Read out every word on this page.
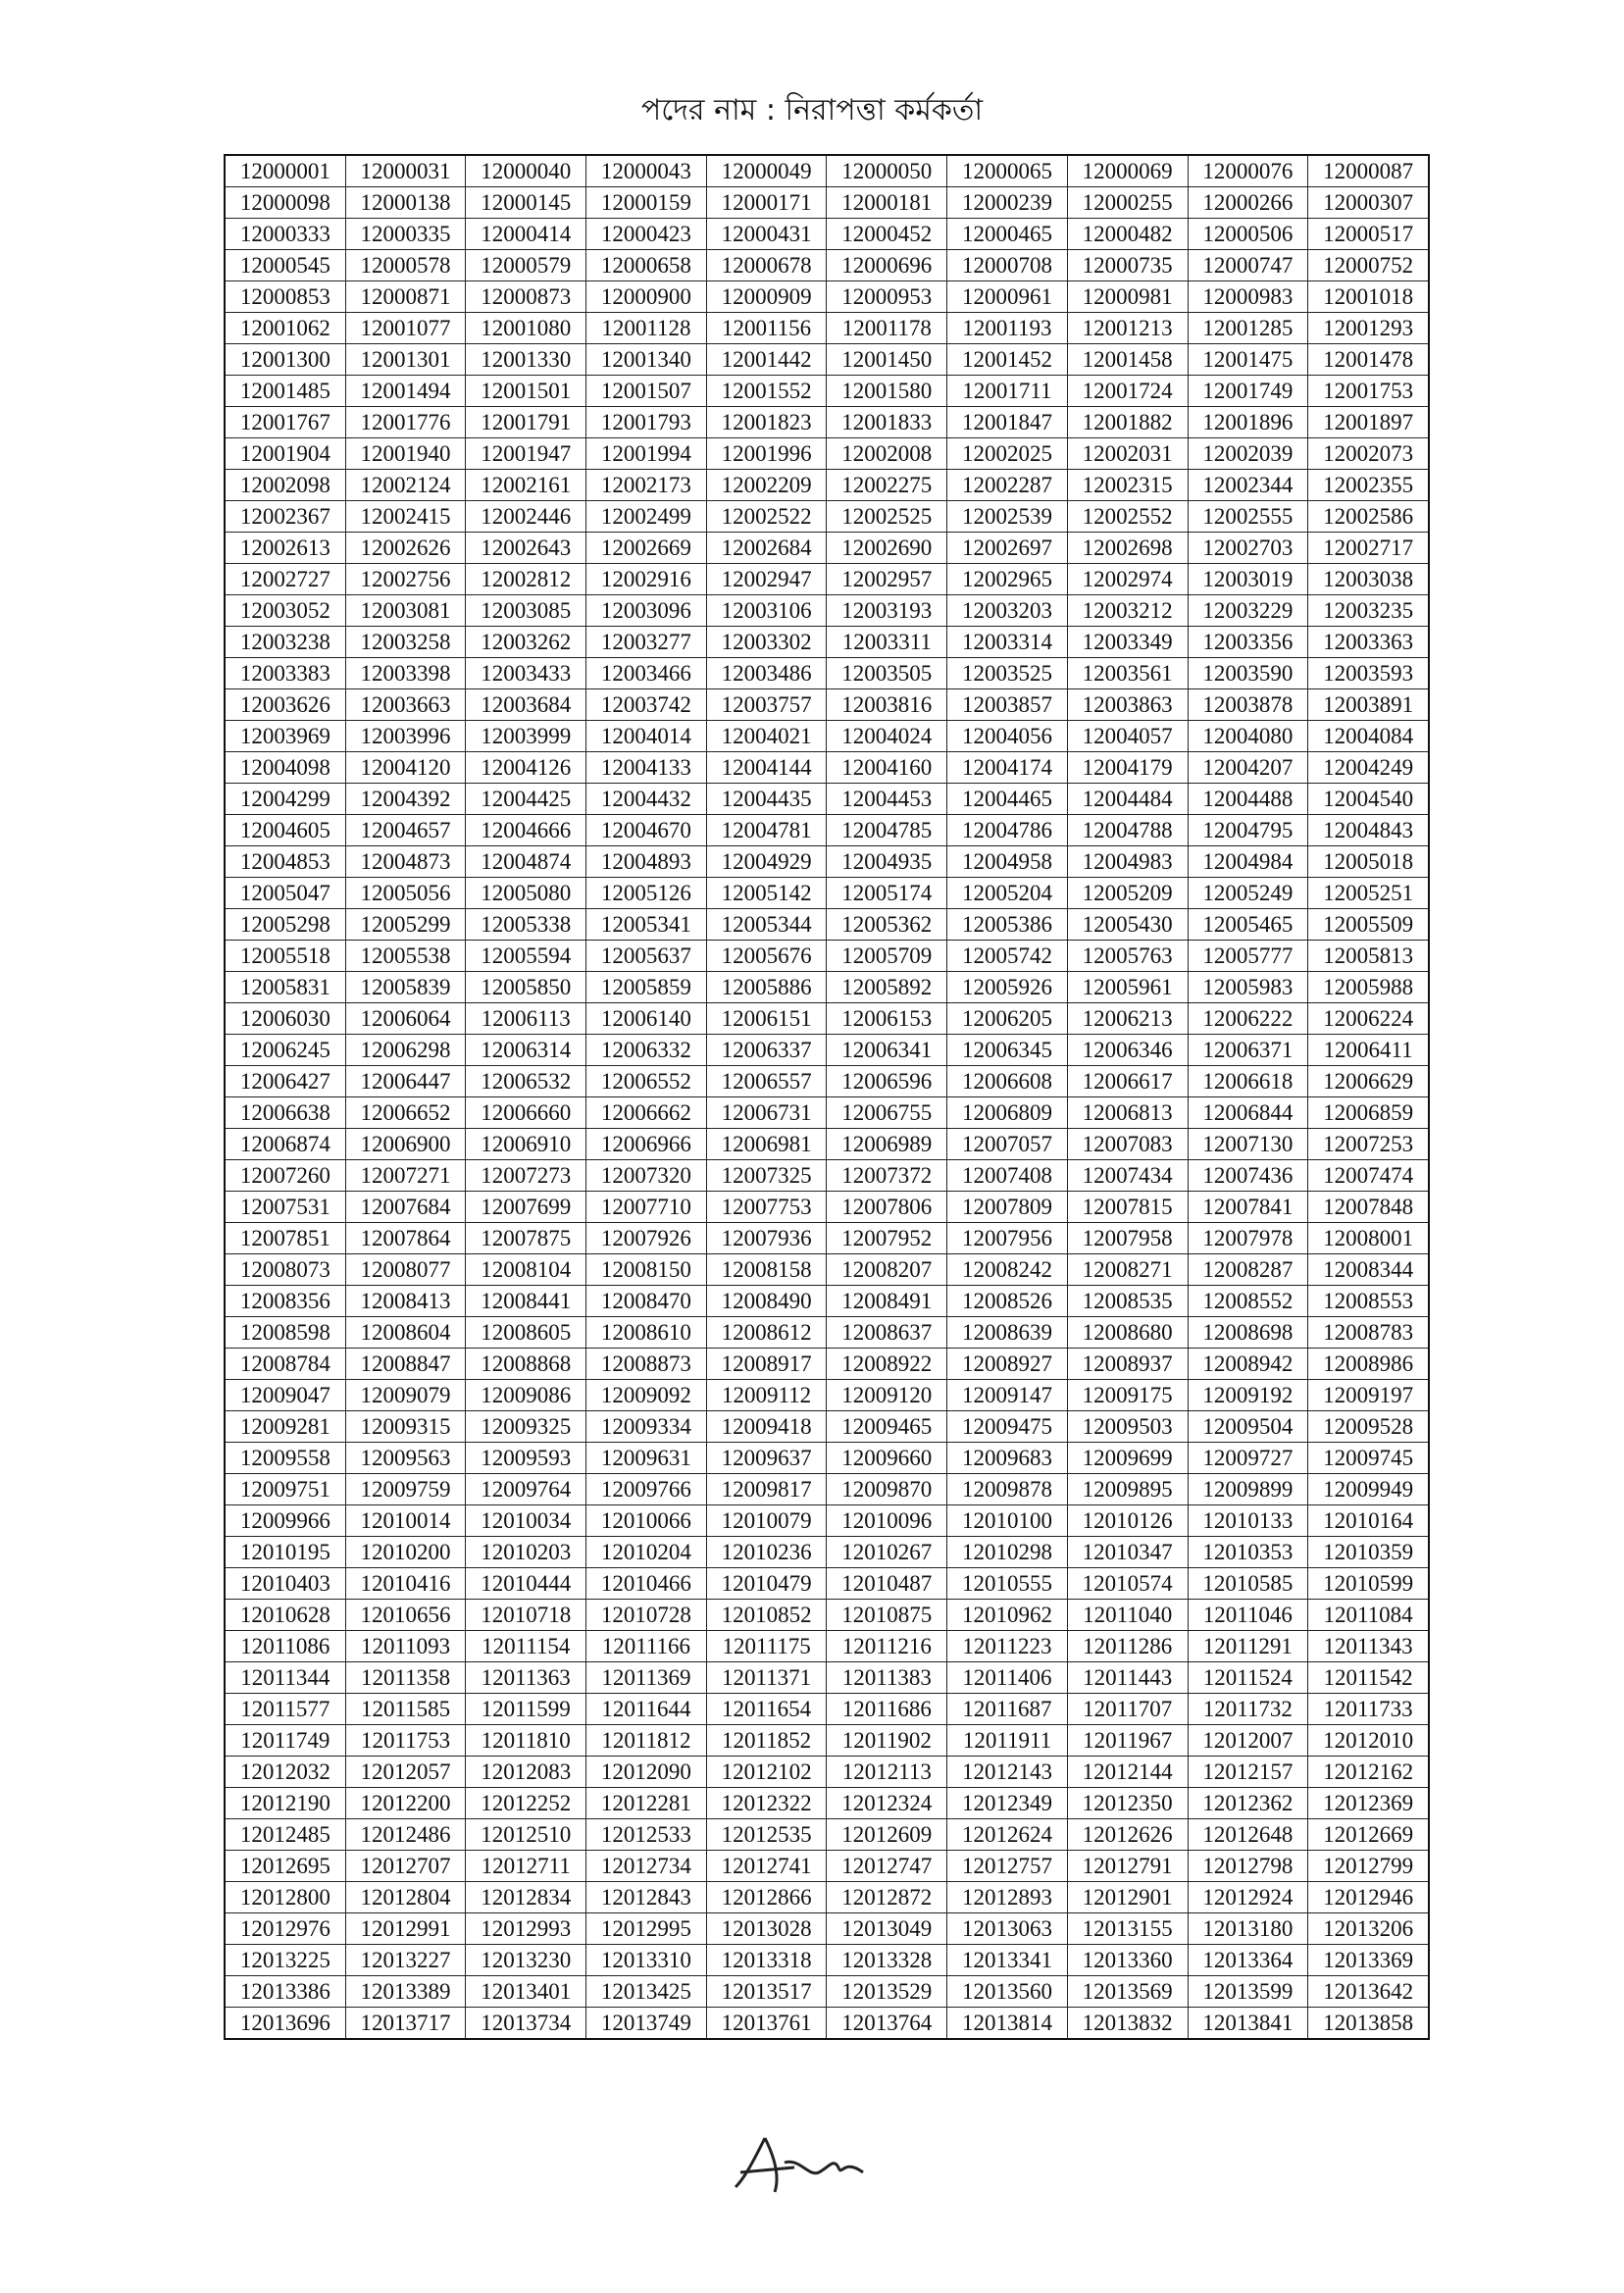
পদের নাম : নিরাপত্তা কর্মকর্তা
12000001	12000031	12000040	12000043	12000049	12000050	12000065	12000069	12000076	12000087
12000098	12000138	12000145	12000159	12000171	12000181	12000239	12000255	12000266	12000307
12000333	12000335	12000414	12000423	12000431	12000452	12000465	12000482	12000506	12000517
12000545	12000578	12000579	12000658	12000678	12000696	12000708	12000735	12000747	12000752
12000853	12000871	12000873	12000900	12000909	12000953	12000961	12000981	12000983	12001018
12001062	12001077	12001080	12001128	12001156	12001178	12001193	12001213	12001285	12001293
12001300	12001301	12001330	12001340	12001442	12001450	12001452	12001458	12001475	12001478
12001485	12001494	12001501	12001507	12001552	12001580	12001711	12001724	12001749	12001753
12001767	12001776	12001791	12001793	12001823	12001833	12001847	12001882	12001896	12001897
12001904	12001940	12001947	12001994	12001996	12002008	12002025	12002031	12002039	12002073
12002098	12002124	12002161	12002173	12002209	12002275	12002287	12002315	12002344	12002355
12002367	12002415	12002446	12002499	12002522	12002525	12002539	12002552	12002555	12002586
12002613	12002626	12002643	12002669	12002684	12002690	12002697	12002698	12002703	12002717
12002727	12002756	12002812	12002916	12002947	12002957	12002965	12002974	12003019	12003038
12003052	12003081	12003085	12003096	12003106	12003193	12003203	12003212	12003229	12003235
12003238	12003258	12003262	12003277	12003302	12003311	12003314	12003349	12003356	12003363
12003383	12003398	12003433	12003466	12003486	12003505	12003525	12003561	12003590	12003593
12003626	12003663	12003684	12003742	12003757	12003816	12003857	12003863	12003878	12003891
12003969	12003996	12003999	12004014	12004021	12004024	12004056	12004057	12004080	12004084
12004098	12004120	12004126	12004133	12004144	12004160	12004174	12004179	12004207	12004249
12004299	12004392	12004425	12004432	12004435	12004453	12004465	12004484	12004488	12004540
12004605	12004657	12004666	12004670	12004781	12004785	12004786	12004788	12004795	12004843
12004853	12004873	12004874	12004893	12004929	12004935	12004958	12004983	12004984	12005018
12005047	12005056	12005080	12005126	12005142	12005174	12005204	12005209	12005249	12005251
12005298	12005299	12005338	12005341	12005344	12005362	12005386	12005430	12005465	12005509
12005518	12005538	12005594	12005637	12005676	12005709	12005742	12005763	12005777	12005813
12005831	12005839	12005850	12005859	12005886	12005892	12005926	12005961	12005983	12005988
12006030	12006064	12006113	12006140	12006151	12006153	12006205	12006213	12006222	12006224
12006245	12006298	12006314	12006332	12006337	12006341	12006345	12006346	12006371	12006411
12006427	12006447	12006532	12006552	12006557	12006596	12006608	12006617	12006618	12006629
12006638	12006652	12006660	12006662	12006731	12006755	12006809	12006813	12006844	12006859
12006874	12006900	12006910	12006966	12006981	12006989	12007057	12007083	12007130	12007253
12007260	12007271	12007273	12007320	12007325	12007372	12007408	12007434	12007436	12007474
12007531	12007684	12007699	12007710	12007753	12007806	12007809	12007815	12007841	12007848
12007851	12007864	12007875	12007926	12007936	12007952	12007956	12007958	12007978	12008001
12008073	12008077	12008104	12008150	12008158	12008207	12008242	12008271	12008287	12008344
12008356	12008413	12008441	12008470	12008490	12008491	12008526	12008535	12008552	12008553
12008598	12008604	12008605	12008610	12008612	12008637	12008639	12008680	12008698	12008783
12008784	12008847	12008868	12008873	12008917	12008922	12008927	12008937	12008942	12008986
12009047	12009079	12009086	12009092	12009112	12009120	12009147	12009175	12009192	12009197
12009281	12009315	12009325	12009334	12009418	12009465	12009475	12009503	12009504	12009528
12009558	12009563	12009593	12009631	12009637	12009660	12009683	12009699	12009727	12009745
12009751	12009759	12009764	12009766	12009817	12009870	12009878	12009895	12009899	12009949
12009966	12010014	12010034	12010066	12010079	12010096	12010100	12010126	12010133	12010164
12010195	12010200	12010203	12010204	12010236	12010267	12010298	12010347	12010353	12010359
12010403	12010416	12010444	12010466	12010479	12010487	12010555	12010574	12010585	12010599
12010628	12010656	12010718	12010728	12010852	12010875	12010962	12011040	12011046	12011084
12011086	12011093	12011154	12011166	12011175	12011216	12011223	12011286	12011291	12011343
12011344	12011358	12011363	12011369	12011371	12011383	12011406	12011443	12011524	12011542
12011577	12011585	12011599	12011644	12011654	12011686	12011687	12011707	12011732	12011733
12011749	12011753	12011810	12011812	12011852	12011902	12011911	12011967	12012007	12012010
12012032	12012057	12012083	12012090	12012102	12012113	12012143	12012144	12012157	12012162
12012190	12012200	12012252	12012281	12012322	12012324	12012349	12012350	12012362	12012369
12012485	12012486	12012510	12012533	12012535	12012609	12012624	12012626	12012648	12012669
12012695	12012707	12012711	12012734	12012741	12012747	12012757	12012791	12012798	12012799
12012800	12012804	12012834	12012843	12012866	12012872	12012893	12012901	12012924	12012946
12012976	12012991	12012993	12012995	12013028	12013049	12013063	12013155	12013180	12013206
12013225	12013227	12013230	12013310	12013318	12013328	12013341	12013360	12013364	12013369
12013386	12013389	12013401	12013425	12013517	12013529	12013560	12013569	12013599	12013642
12013696	12013717	12013734	12013749	12013761	12013764	12013814	12013832	12013841	12013858
